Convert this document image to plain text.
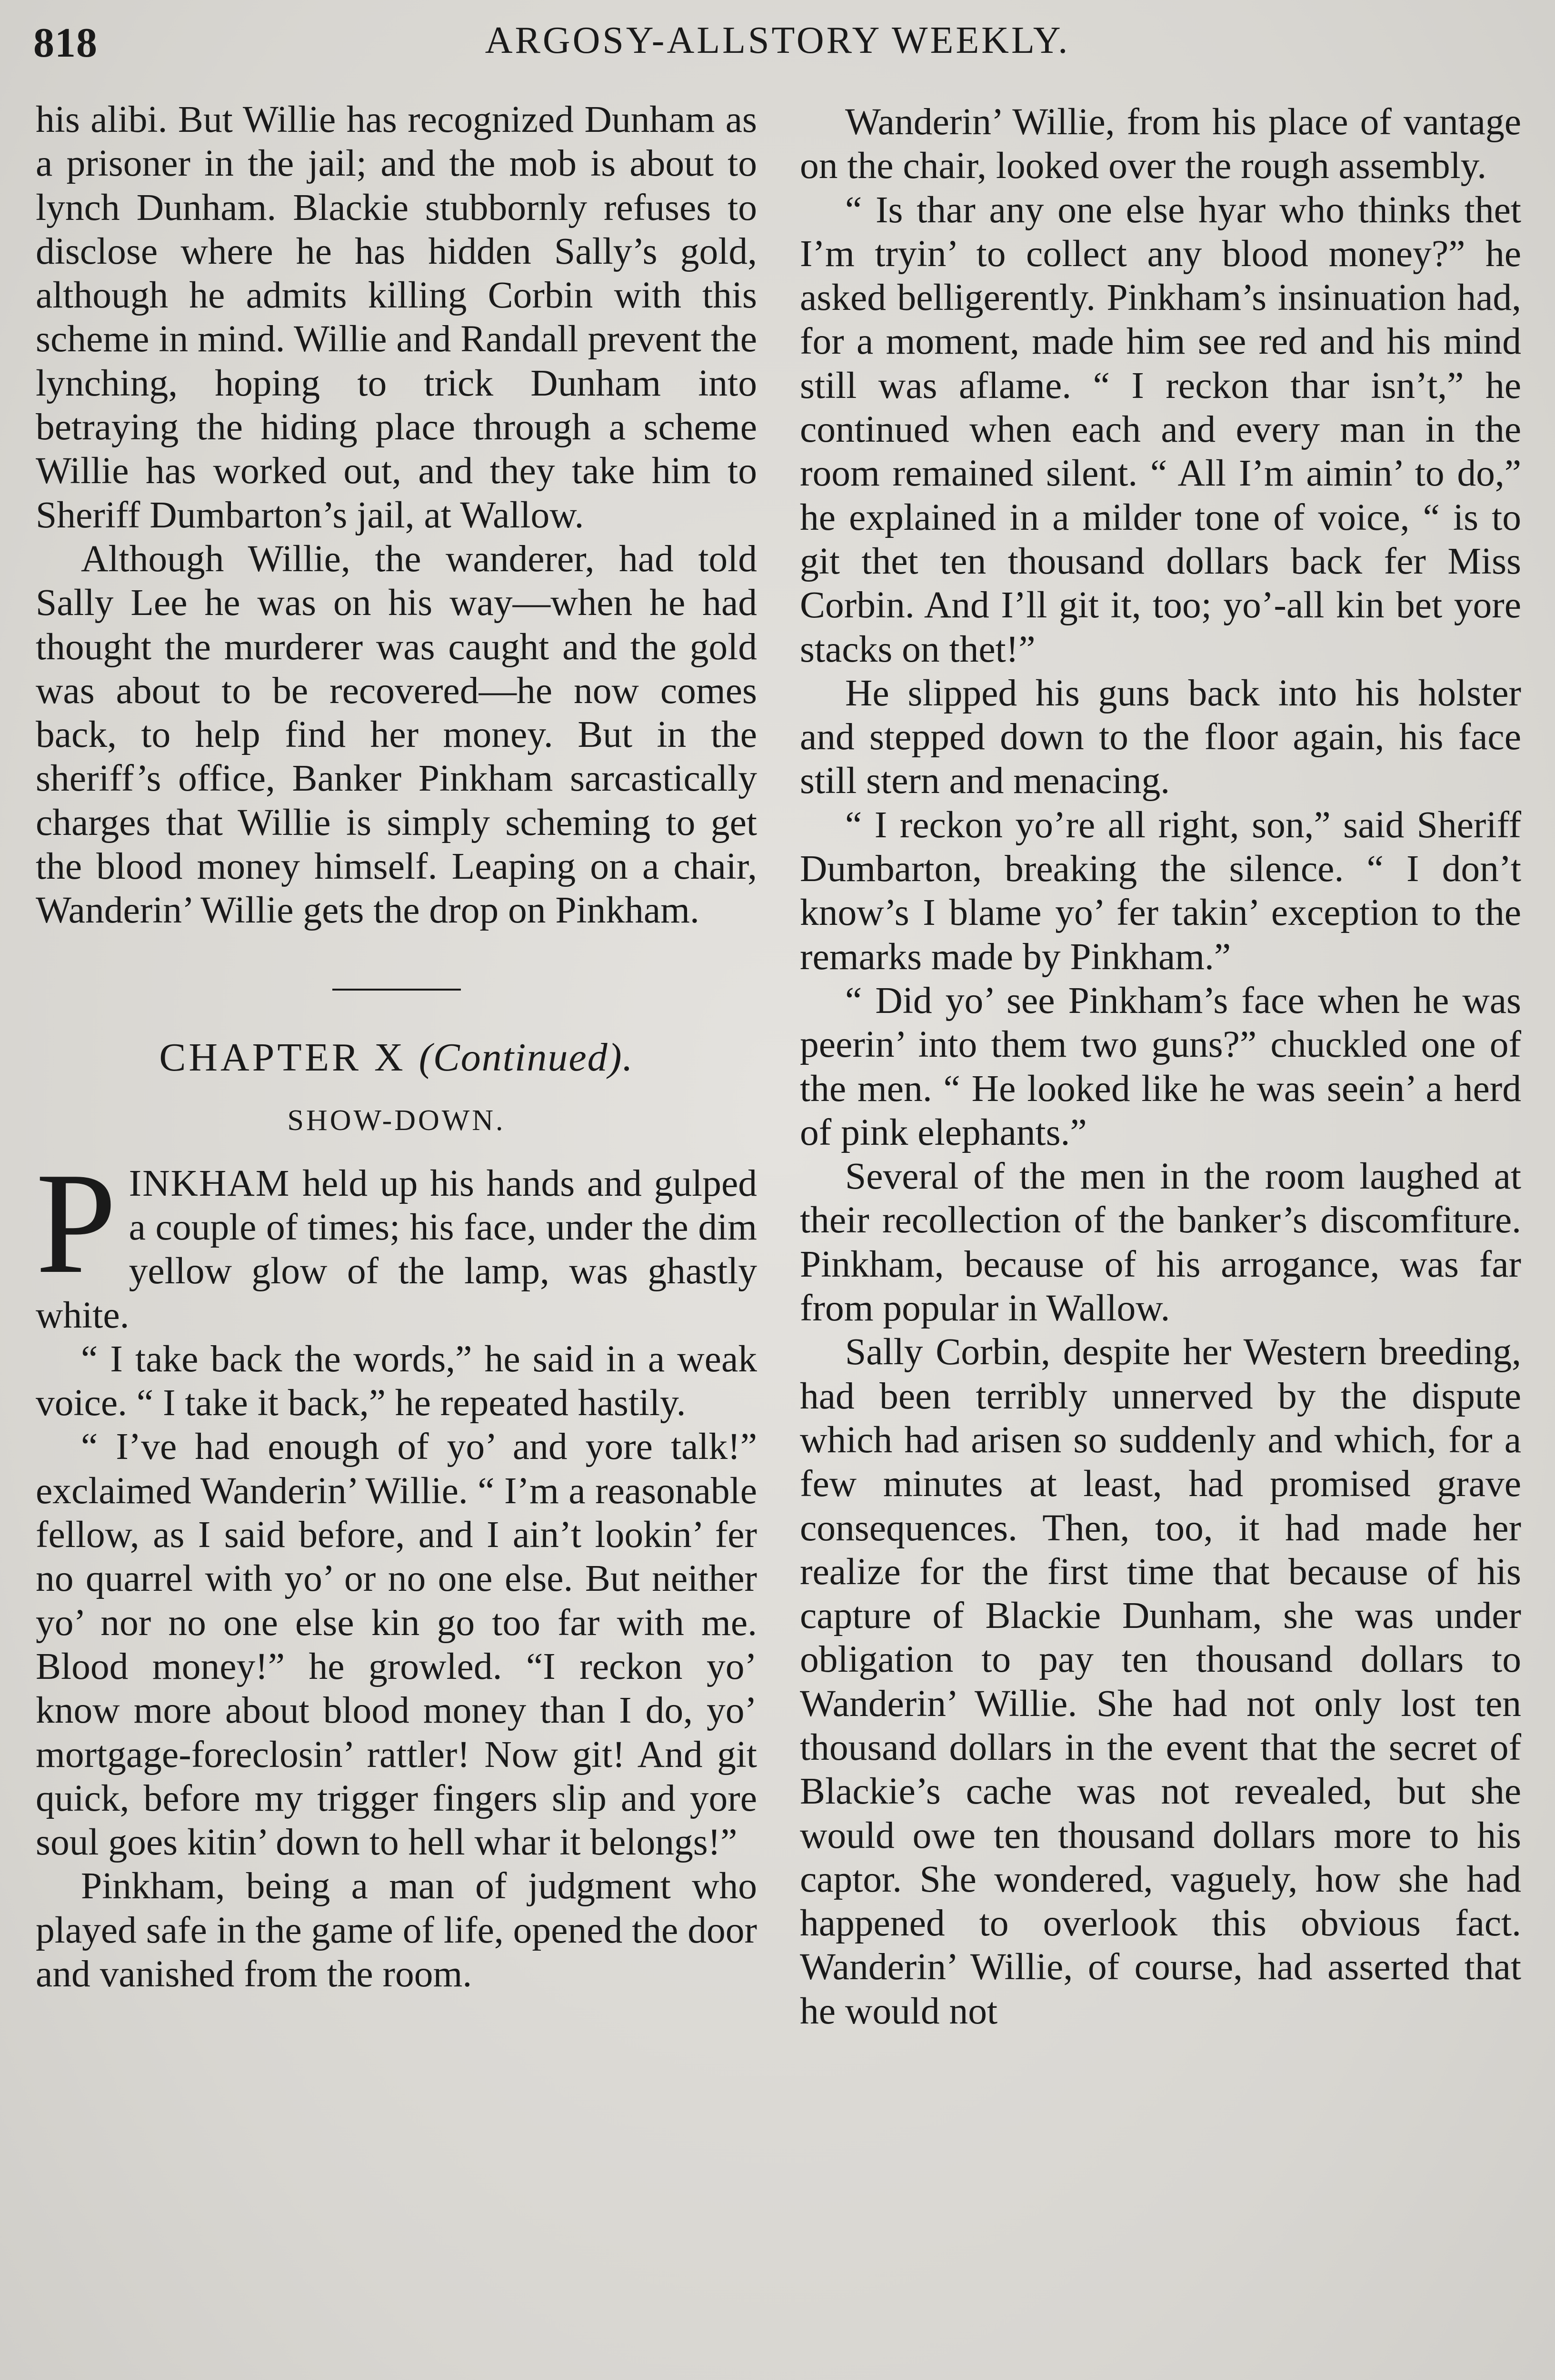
818	ARGOSY-ALLSTORY WEEKLY.

his alibi. But Willie has recognized Dunham as a prisoner in the jail; and the mob is about to lynch Dunham. Blackie stubbornly refuses to disclose where he has hidden Sally’s gold, although he admits killing Corbin with this scheme in mind. Willie and Randall prevent the lynching, hoping to trick Dunham into betraying the hiding place through a scheme Willie has worked out, and they take him to Sheriff Dumbarton’s jail, at Wallow.

Although Willie, the wanderer, had told Sally Lee he was on his way—when he had thought the murderer was caught and the gold was about to be recovered—he now comes back, to help find her money. But in the sheriff’s office, Banker Pinkham sarcastically charges that Willie is simply scheming to get the blood money himself. Leaping on a chair, Wanderin’ Willie gets the drop on Pinkham.

CHAPTER X (Continued).
SHOW-DOWN.

PINKHAM held up his hands and gulped a couple of times; his face, under the dim yellow glow of the lamp, was ghastly white.

“ I take back the words,” he said in a weak voice. “ I take it back,” he repeated hastily.

“ I’ve had enough of yo’ and yore talk!” exclaimed Wanderin’ Willie. “ I’m a reasonable fellow, as I said before, and I ain’t lookin’ fer no quarrel with yo’ or no one else. But neither yo’ nor no one else kin go too far with me. Blood money!” he growled. “I reckon yo’ know more about blood money than I do, yo’ mortgage-foreclosin’ rattler! Now git! And git quick, before my trigger fingers slip and yore soul goes kitin’ down to hell whar it belongs!”

Pinkham, being a man of judgment who played safe in the game of life, opened the door and vanished from the room.

Wanderin’ Willie, from his place of vantage on the chair, looked over the rough assembly.

“ Is thar any one else hyar who thinks thet I’m tryin’ to collect any blood money?” he asked belligerently. Pinkham’s insinuation had, for a moment, made him see red and his mind still was aflame. “ I reckon thar isn’t,” he continued when each and every man in the room remained silent. “ All I’m aimin’ to do,” he explained in a milder tone of voice, “ is to git thet ten thousand dollars back fer Miss Corbin. And I’ll git it, too; yo’-all kin bet yore stacks on thet!”

He slipped his guns back into his holster and stepped down to the floor again, his face still stern and menacing.

“ I reckon yo’re all right, son,” said Sheriff Dumbarton, breaking the silence. “ I don’t know’s I blame yo’ fer takin’ exception to the remarks made by Pinkham.”

“ Did yo’ see Pinkham’s face when he was peerin’ into them two guns?” chuckled one of the men. “ He looked like he was seein’ a herd of pink elephants.”

Several of the men in the room laughed at their recollection of the banker’s discomfiture. Pinkham, because of his arrogance, was far from popular in Wallow.

Sally Corbin, despite her Western breeding, had been terribly unnerved by the dispute which had arisen so suddenly and which, for a few minutes at least, had promised grave consequences. Then, too, it had made her realize for the first time that because of his capture of Blackie Dunham, she was under obligation to pay ten thousand dollars to Wanderin’ Willie. She had not only lost ten thousand dollars in the event that the secret of Blackie’s cache was not revealed, but she would owe ten thousand dollars more to his captor. She wondered, vaguely, how she had happened to overlook this obvious fact. Wanderin’ Willie, of course, had asserted that he would not
